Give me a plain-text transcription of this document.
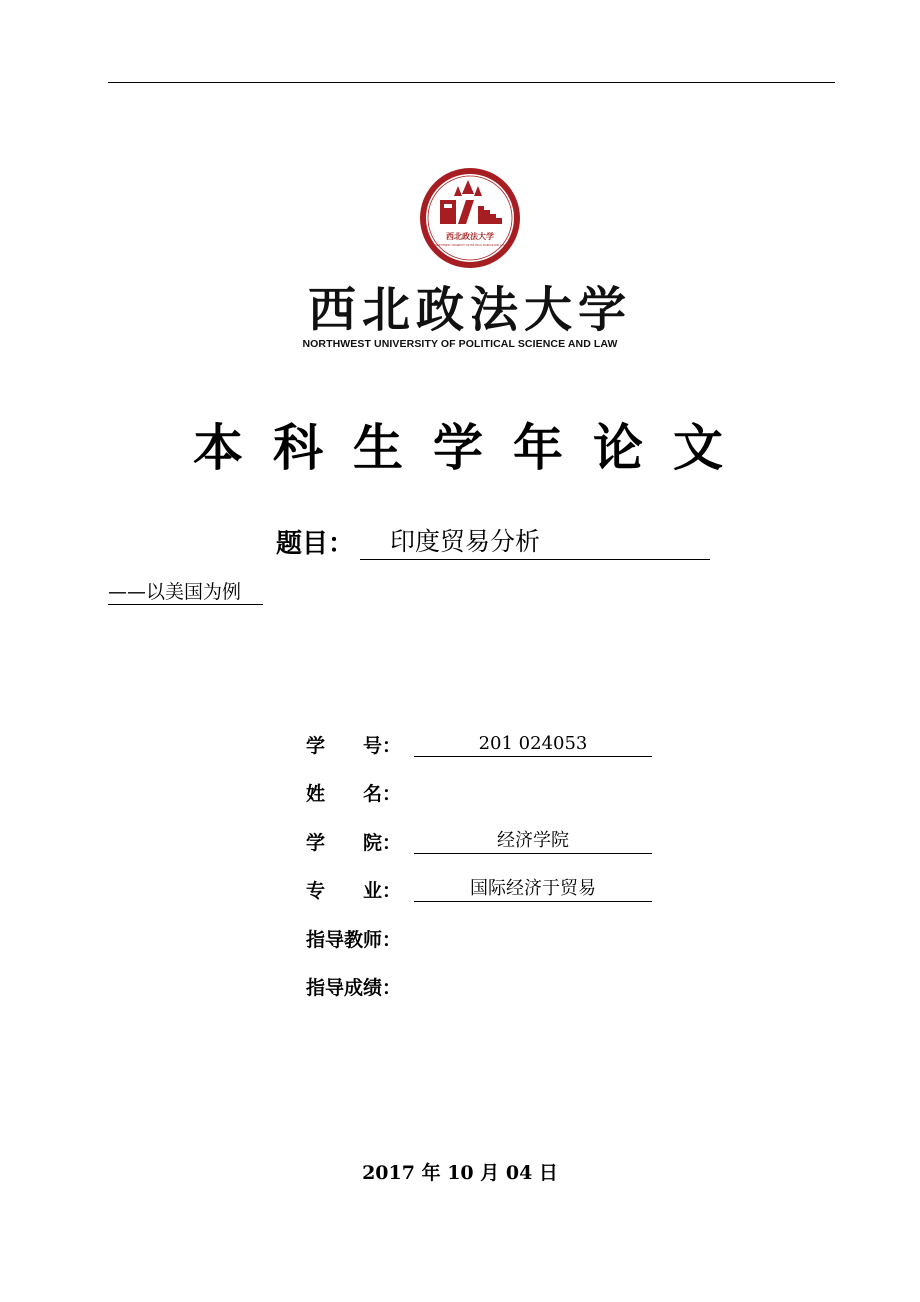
西北政法大学
NORTHWEST UNIVERSITY OF POLITICAL SCIENCE AND LAW
西北政法大学
NORTHWEST UNIVERSITY OF POLITICAL SCIENCE AND LAW
本科生学年论文
题目：	印度贸易分析
——以美国为例
学　　号：	201 024053
姓　　名：
学　　院：	经济学院
专　　业：	国际经济于贸易
指导教师：
指导成绩：
2017 年 10 月 04 日
